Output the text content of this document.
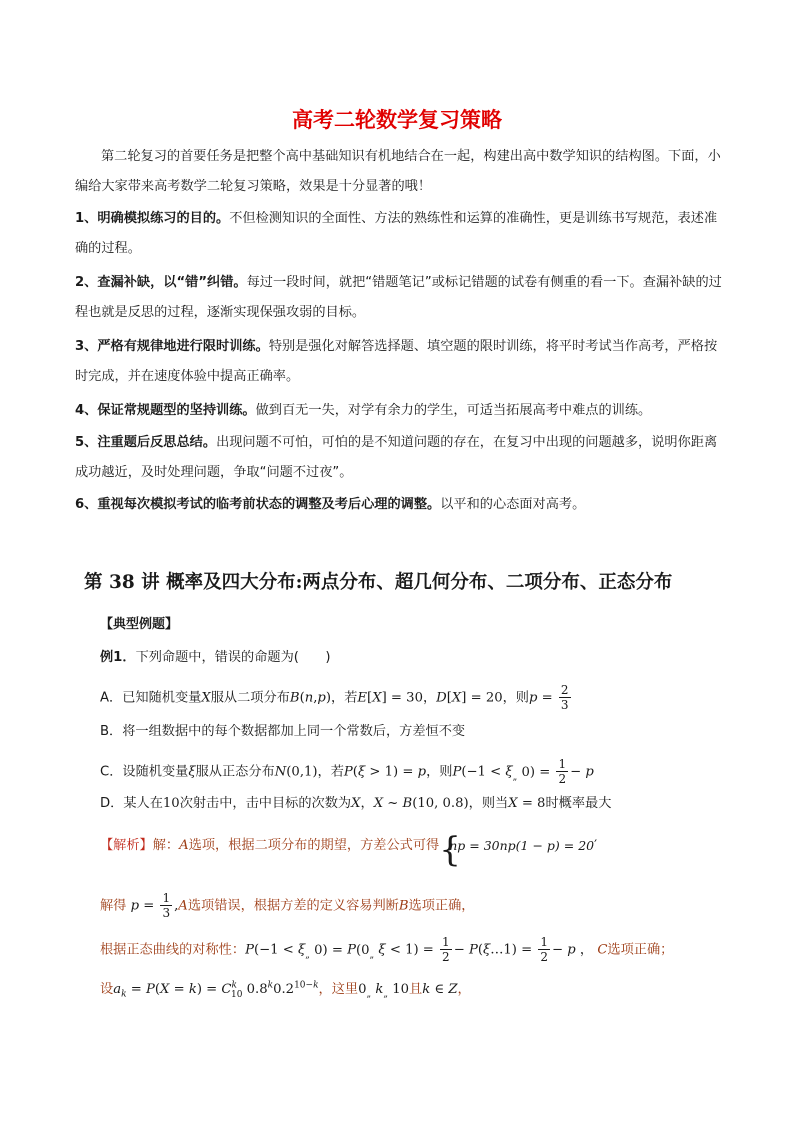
高考二轮数学复习策略
第二轮复习的首要任务是把整个高中基础知识有机地结合在一起，构建出高中数学知识的结构图。下面，小编给大家带来高考数学二轮复习策略，效果是十分显著的哦！
1、明确模拟练习的目的。不但检测知识的全面性、方法的熟练性和运算的准确性，更是训练书写规范，表述准确的过程。
2、查漏补缺，以“错”纠错。每过一段时间，就把“错题笔记”或标记错题的试卷有侧重的看一下。查漏补缺的过程也就是反思的过程，逐渐实现保强攻弱的目标。
3、严格有规律地进行限时训练。特别是强化对解答选择题、填空题的限时训练，将平时考试当作高考，严格按时完成，并在速度体验中提高正确率。
4、保证常规题型的坚持训练。做到百无一失，对学有余力的学生，可适当拓展高考中难点的训练。
5、注重题后反思总结。出现问题不可怕，可怕的是不知道问题的存在，在复习中出现的问题越多，说明你距离成功越近，及时处理问题，争取“问题不过夜”。
6、重视每次模拟考试的临考前状态的调整及考后心理的调整。以平和的心态面对高考。
第 38 讲 概率及四大分布:两点分布、超几何分布、二项分布、正态分布
【典型例题】
例1．下列命题中，错误的命题为(　　)
A．已知随机变量X服从二项分布B(n,p)，若E[X] = 30，D[X] = 20，则$p = \frac{2}{3}$
B．将一组数据中的每个数据都加上同一个常数后，方差恒不变
C．设随机变量ξ服从正态分布N(0,1)，若P(ξ > 1) = p，则$P(-1 < \xi_„$ $0) = \frac{1}{2} - p$
D．某人在10次射击中，击中目标的次数为X，X ~ B(10, 0.8)，则当X = 8时概率最大
【解析】解：A选项，根据二项分布的期望，方差公式可得 {
np = 30np(1 − p) = 20′
解得 $p = \frac{1}{3} ,A$选项错误，根据方差的定义容易判断B选项正确，
根据正态曲线的对称性：$P(-1 < \xi_„$ $0) = P(0_„$ $\xi < 1) = \frac{1}{2}$ − P(ξ…1) = $\frac{1}{2} - p$ ， C选项正确；
设$a_k = P(X = k) = C^k_{10}$ $0.8^k0.2^{10-k}$，这里$0_„$ $k_„$ 10且k ∈ Z，
